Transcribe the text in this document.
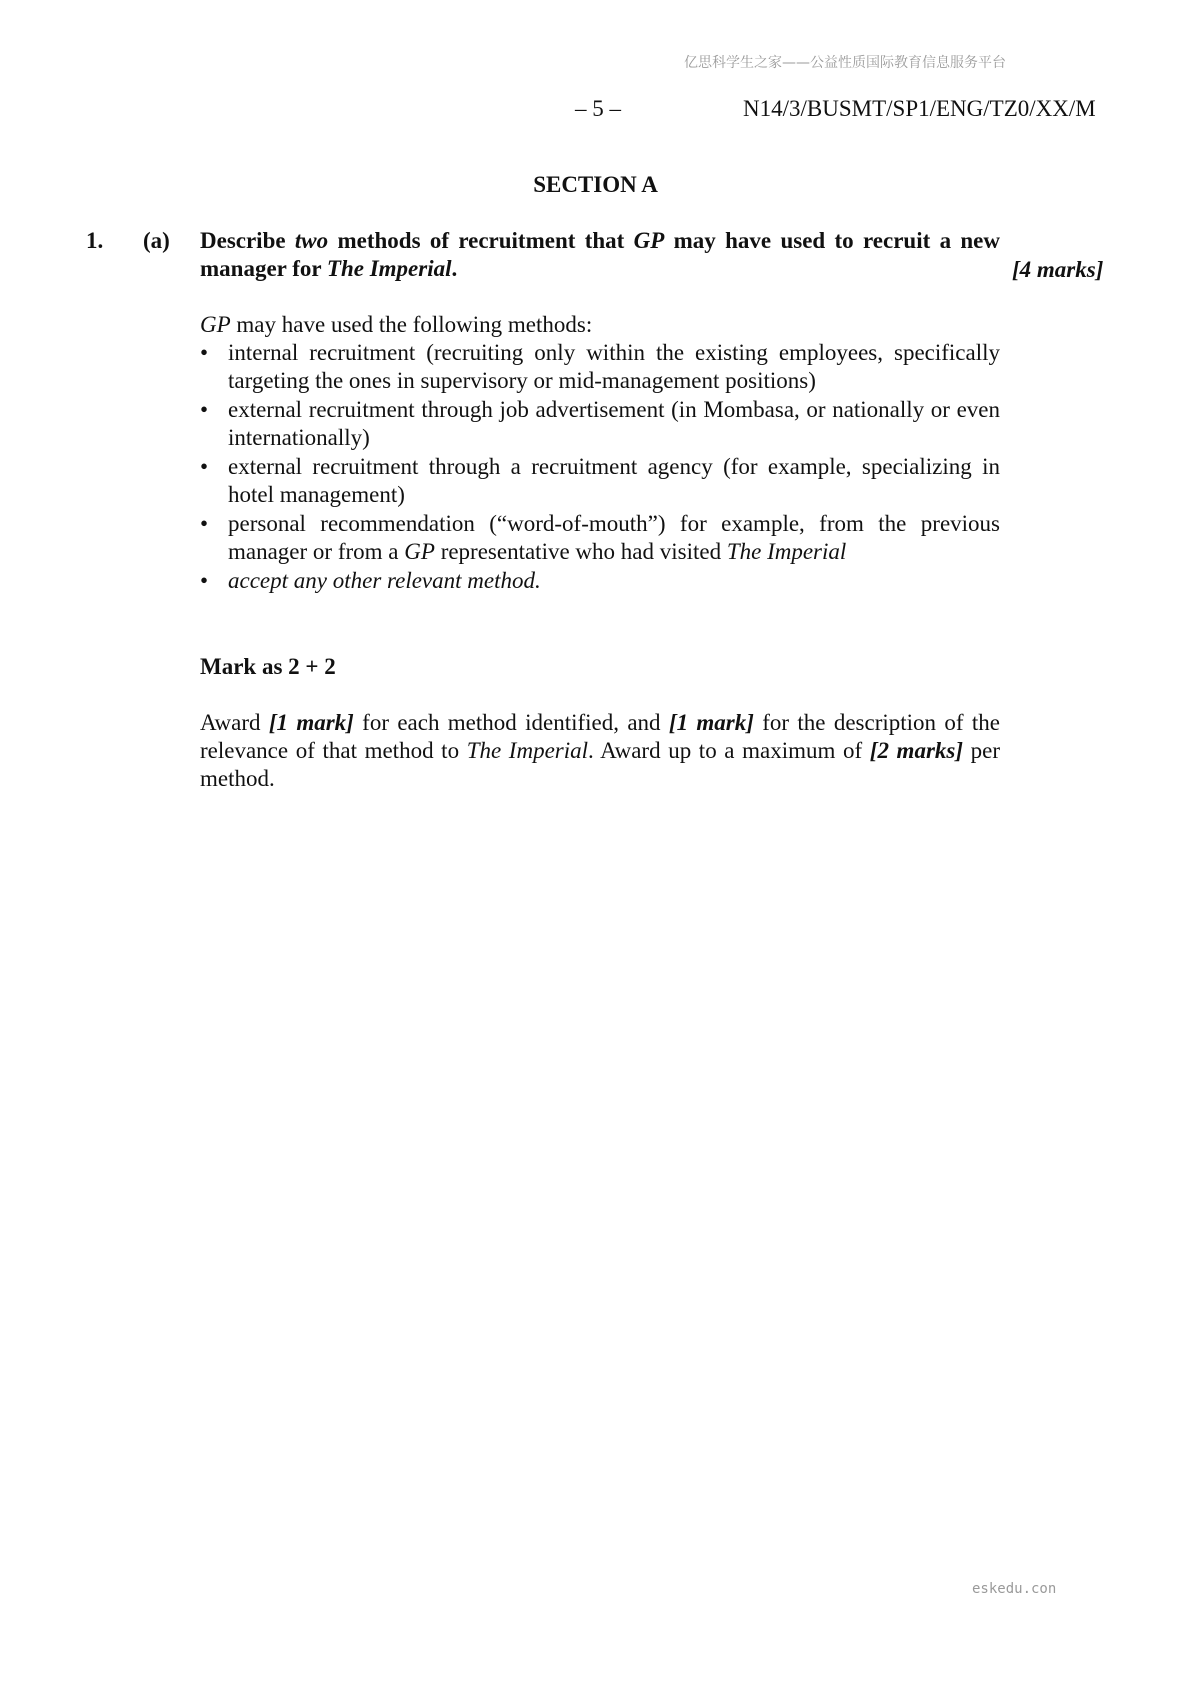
亿思科学生之家——公益性质国际教育信息服务平台
– 5 –	N14/3/BUSMT/SP1/ENG/TZ0/XX/M
SECTION A
1. (a) Describe two methods of recruitment that GP may have used to recruit a new manager for The Imperial.	[4 marks]
GP may have used the following methods:
• internal recruitment (recruiting only within the existing employees, specifically targeting the ones in supervisory or mid-management positions)
• external recruitment through job advertisement (in Mombasa, or nationally or even internationally)
• external recruitment through a recruitment agency (for example, specializing in hotel management)
• personal recommendation (“word-of-mouth”) for example, from the previous manager or from a GP representative who had visited The Imperial
• accept any other relevant method.
Mark as 2 + 2
Award [1 mark] for each method identified, and [1 mark] for the description of the relevance of that method to The Imperial. Award up to a maximum of [2 marks] per method.
eskedu.con
